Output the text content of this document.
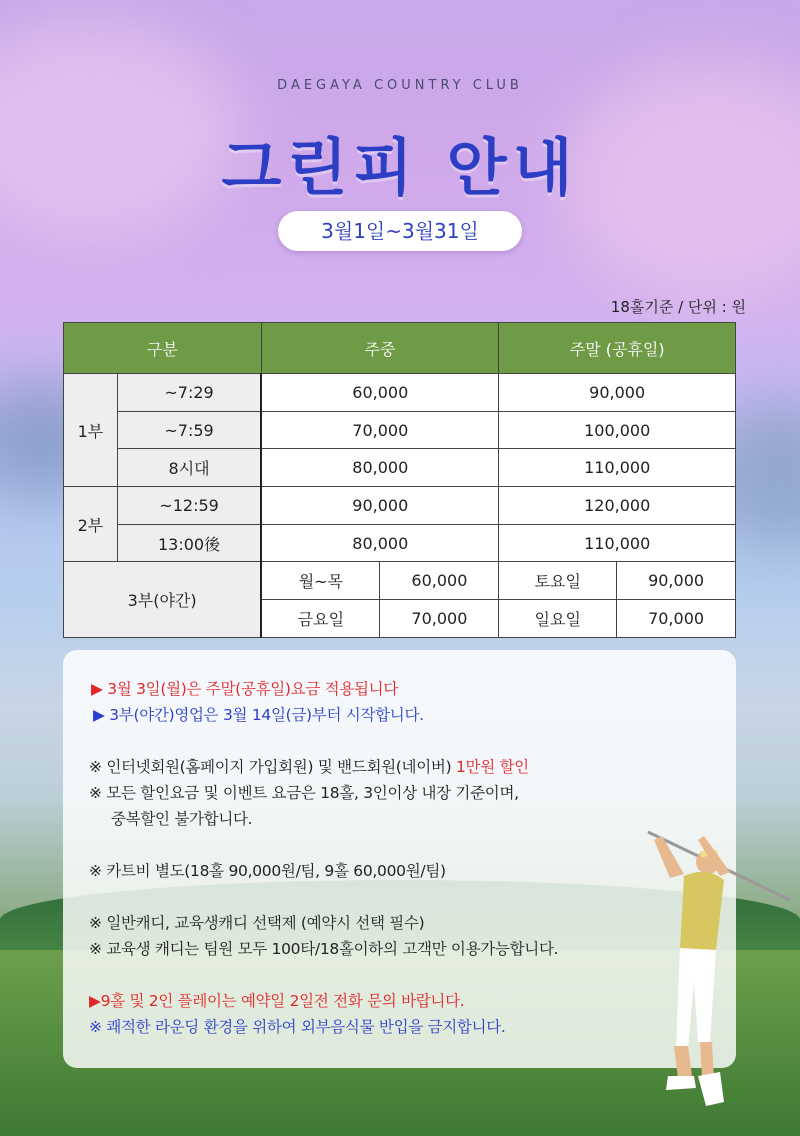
DAEGAYA COUNTRY CLUB
그린피 안내
3월1일~3월31일
18홀기준 / 단위 : 원
구분		주중		주말 (공휴일)	
1부	~7:29	60,000		90,000	
	~7:59	70,000		100,000	
	8시대	80,000		110,000	
2부	~12:59	90,000		120,000	
	13:00後	80,000		110,000	
3부(야간)		월~목	60,000	토요일	90,000
		금요일	70,000	일요일	70,000
▶ 3월 3일(월)은 주말(공휴일)요금 적용됩니다
▶ 3부(야간)영업은 3월 14일(금)부터 시작합니다.
※ 인터넷회원(홈페이지 가입회원) 및 밴드회원(네이버) 1만원 할인
※ 모든 할인요금 및 이벤트 요금은 18홀, 3인이상 내장 기준이며,
중복할인 불가합니다.
※ 카트비 별도(18홀 90,000원/팀, 9홀 60,000원/팀)
※ 일반캐디, 교육생캐디 선택제 (예약시 선택 필수)
※ 교육생 캐디는 팀원 모두 100타/18홀이하의 고객만 이용가능합니다.
▶9홀 및 2인 플레이는 예약일 2일전 전화 문의 바랍니다.
※ 쾌적한 라운딩 환경을 위하여 외부음식물 반입을 금지합니다.
